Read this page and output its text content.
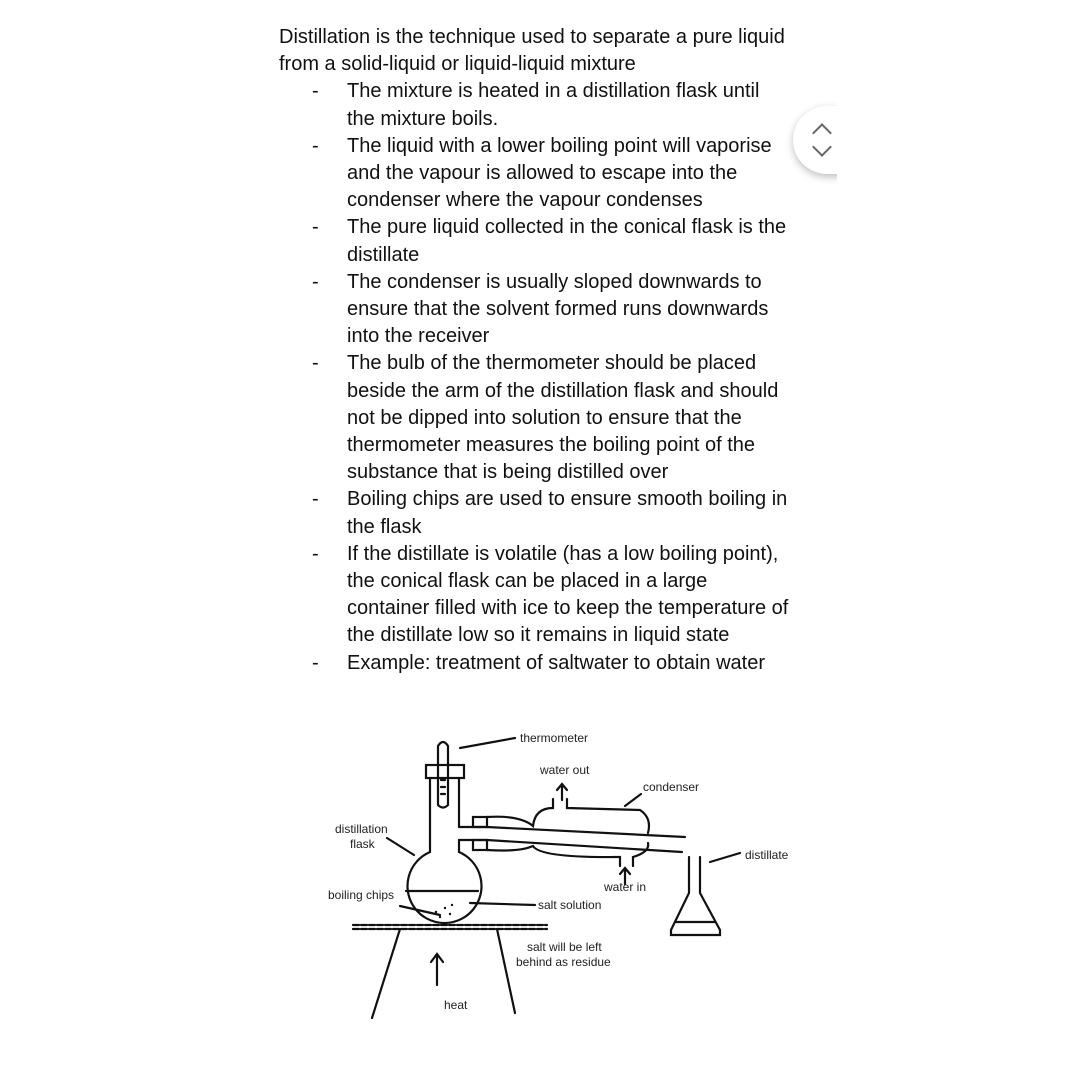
Distillation is the technique used to separate a pure liquid
from a solid-liquid or liquid-liquid mixture
- The mixture is heated in a distillation flask until
the mixture boils.
- The liquid with a lower boiling point will vaporise
and the vapour is allowed to escape into the
condenser where the vapour condenses
- The pure liquid collected in the conical flask is the
distillate
- The condenser is usually sloped downwards to
ensure that the solvent formed runs downwards
into the receiver
- The bulb of the thermometer should be placed
beside the arm of the distillation flask and should
not be dipped into solution to ensure that the
thermometer measures the boiling point of the
substance that is being distilled over
- Boiling chips are used to ensure smooth boiling in
the flask
- If the distillate is volatile (has a low boiling point),
the conical flask can be placed in a large
container filled with ice to keep the temperature of
the distillate low so it remains in liquid state
- Example: treatment of saltwater to obtain water
thermometer
water out
condenser
distillation
flask
distillate
boiling chips
water in
salt solution
salt will be left
behind as residue
heat
